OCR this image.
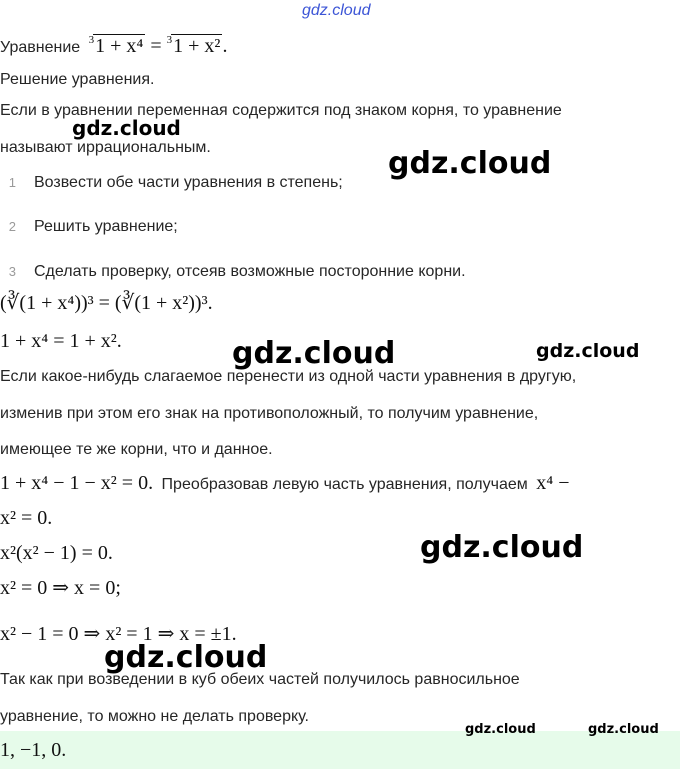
gdz.cloud
Уравнение $^3$1 + x⁴ = $^3$1 + x² .
Решение уравнения.
Если в уравнении переменная содержится под знаком корня, то уравнение
называют иррациональным.
1 Возвести обе части уравнения в степень;
2 Решить уравнение;
3 Сделать проверку, отсеяв возможные посторонние корни.
(∛(1 + x⁴))³ = (∛(1 + x²))³.
1 + x⁴ = 1 + x².
Если какое-нибудь слагаемое перенести из одной части уравнения в другую,
изменив при этом его знак на противоположный, то получим уравнение,
имеющее те же корни, что и данное.
1 + x⁴ − 1 − x² = 0. Преобразовав левую часть уравнения, получаем x⁴ −
x² = 0.
x²(x² − 1) = 0.
x² = 0 ⇒ x = 0;
x² − 1 = 0 ⇒ x² = 1 ⇒ x = ±1.
Так как при возведении в куб обеих частей получилось равносильное
уравнение, то можно не делать проверку.
1, −1, 0.
gdz.cloud
gdz.cloud
gdz.cloud	gdz.cloud
gdz.cloud
gdz.cloud
gdz.cloud	gdz.cloud
